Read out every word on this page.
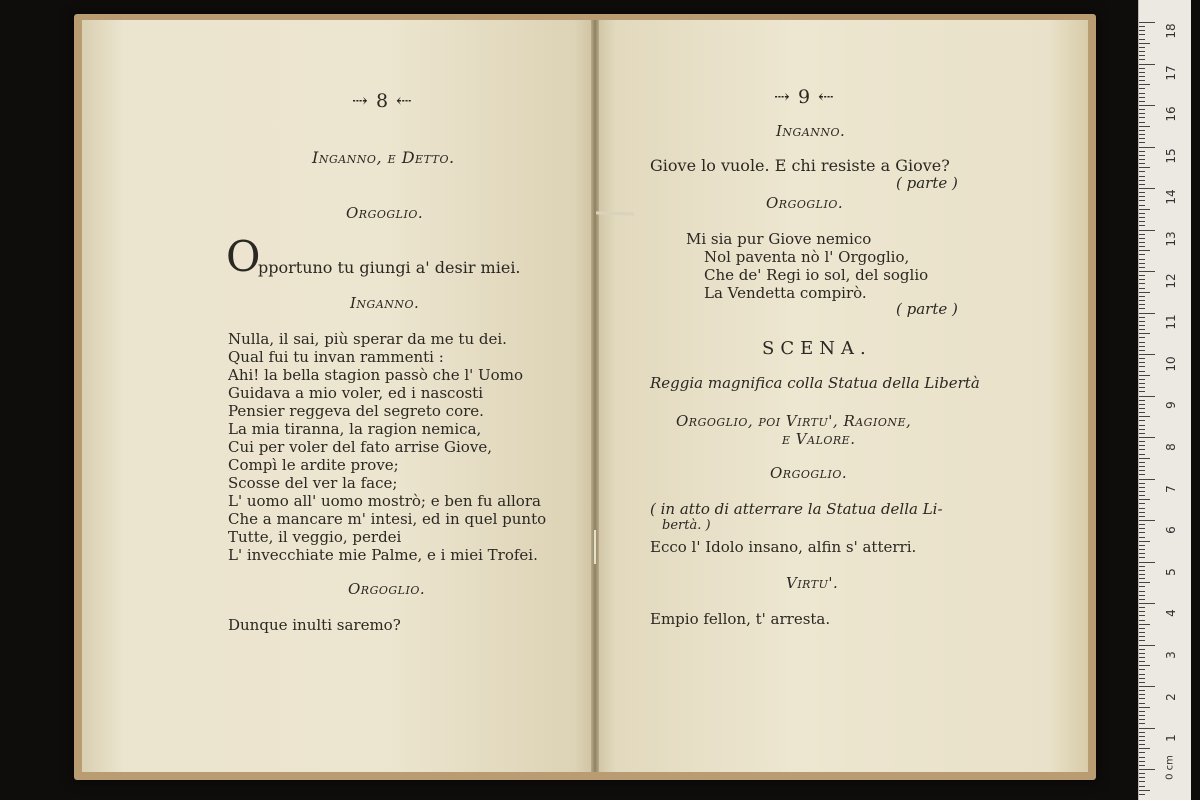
⇢ 8 ⇠
Inganno, e Detto.
Orgoglio.
O
pportuno tu giungi a' desir miei.
Inganno.
Nulla, il sai, più sperar da me tu dei.
Qual fui tu invan rammenti :
Ahi! la bella stagion passò che l' Uomo
Guidava a mio voler, ed i nascosti
Pensier reggeva del segreto core.
La mia tiranna, la ragion nemica,
Cui per voler del fato arrise Giove,
Compì le ardite prove;
Scosse del ver la face;
L' uomo all' uomo mostrò; e ben fu allora
Che a mancare m' intesi, ed in quel punto
Tutte, il veggio, perdei
L' invecchiate mie Palme, e i miei Trofei.
Orgoglio.
Dunque inulti saremo?
⇢ 9 ⇠
Inganno.
Giove lo vuole. E chi resiste a Giove?
( parte )
Orgoglio.
Mi sia pur Giove nemico
Nol paventa nò l' Orgoglio,
Che de' Regi io sol, del soglio
La Vendetta compirò.
( parte )
SCENA.
Reggia magnifica colla Statua della Libertà
Orgoglio, poi Virtu', Ragione,
e Valore.
Orgoglio.
( in atto di atterrare la Statua della Li-
bertà. )
Ecco l' Idolo insano, alfin s' atterri.
Virtu'.
Empio fellon, t' arresta.
18
17
16
15
14
13
12
11
10
9
8
7
6
5
4
3
2
1
0 cm
